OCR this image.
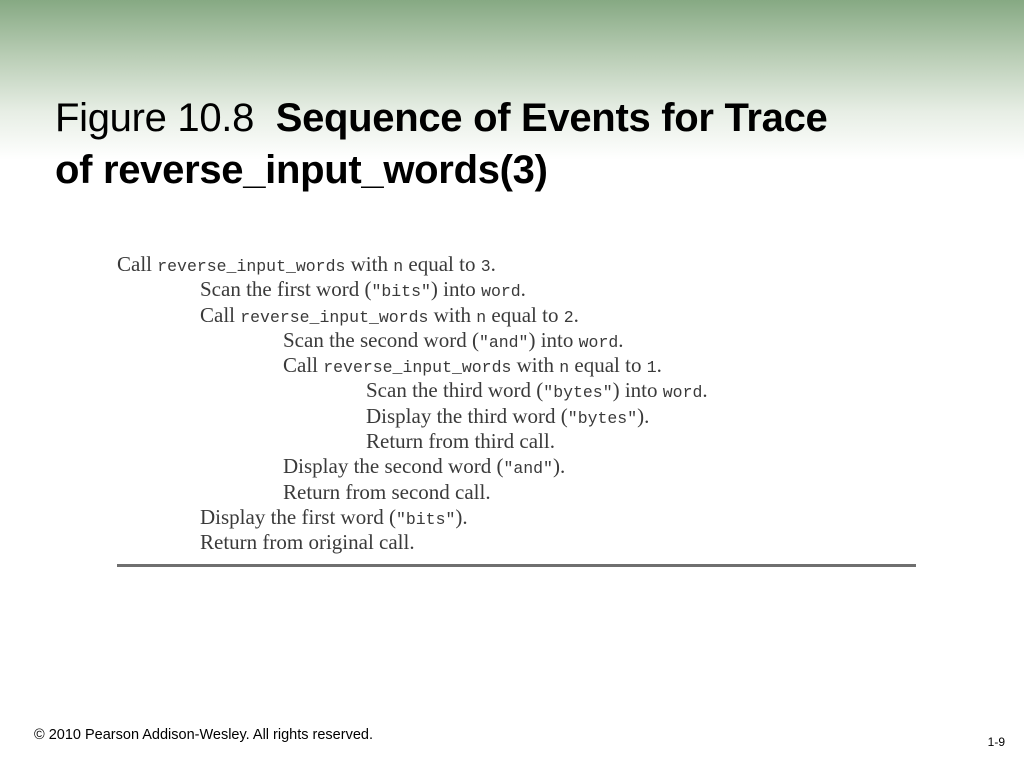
Figure 10.8 Sequence of Events for Trace
of reverse_input_words(3)
Call reverse_input_words with n equal to 3.
Scan the first word ("bits") into word.
Call reverse_input_words with n equal to 2.
Scan the second word ("and") into word.
Call reverse_input_words with n equal to 1.
Scan the third word ("bytes") into word.
Display the third word ("bytes").
Return from third call.
Display the second word ("and").
Return from second call.
Display the first word ("bits").
Return from original call.
© 2010 Pearson Addison-Wesley. All rights reserved.	1-9
